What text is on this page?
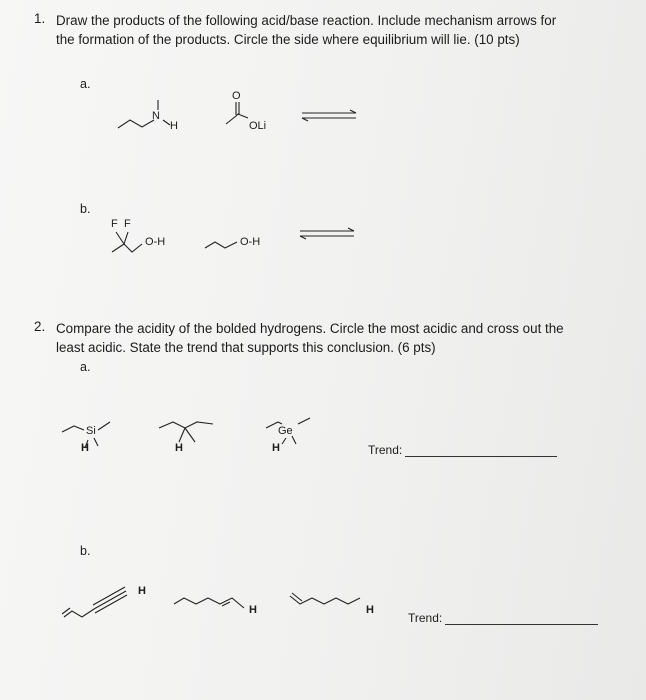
1. Draw the products of the following acid/base reaction. Include mechanism arrows for
the formation of the products. Circle the side where equilibrium will lie. (10 pts)
a.
N
H
O
OLi
b.
F F
O-H	O-H
2. Compare the acidity of the bolded hydrogens. Circle the most acidic and cross out the
least acidic. State the trend that supports this conclusion. (6 pts)
a.
Si
H	H
Ge
H	Trend:
b.
H
H	H
Trend:
